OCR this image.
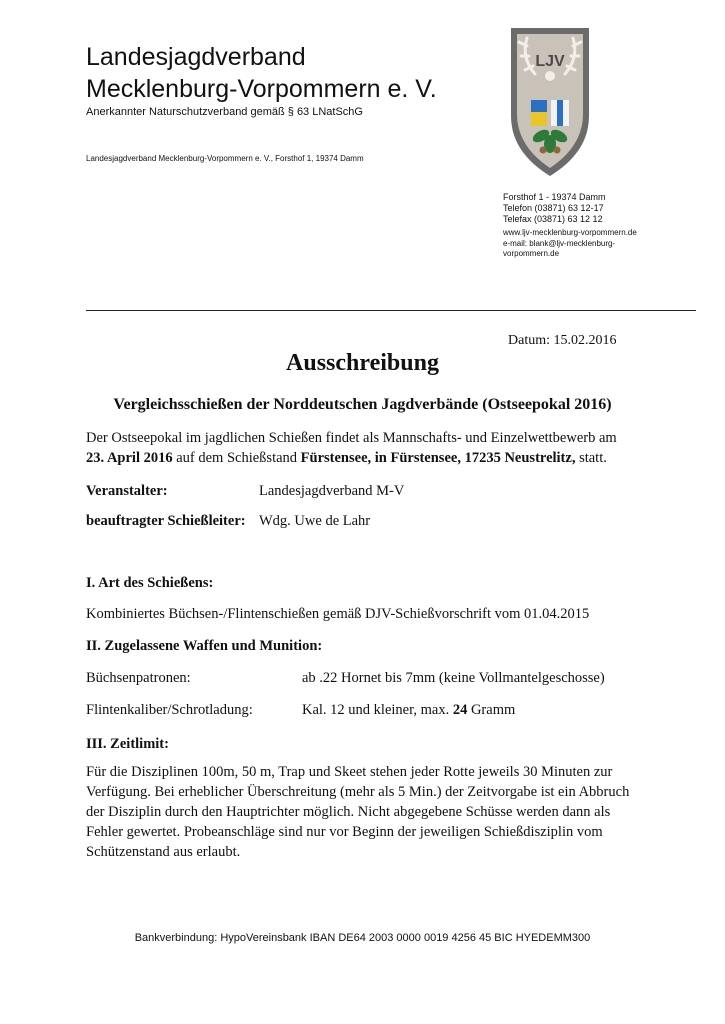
Landesjagdverband
Mecklenburg-Vorpommern e. V.
Anerkannter Naturschutzverband gemäß § 63 LNatSchG
Landesjagdverband Mecklenburg-Vorpommern e. V., Forsthof 1, 19374 Damm
LJV
Forsthof 1 - 19374 Damm
Telefon (03871) 63 12-17
Telefax (03871) 63 12 12
www.ljv-mecklenburg-vorpommern.de
e-mail: blank@ljv-mecklenburg-
vorpommern.de
Datum: 15.02.2016
Ausschreibung
Vergleichsschießen der Norddeutschen Jagdverbände (Ostseepokal 2016)
Der Ostseepokal im jagdlichen Schießen findet als Mannschafts- und Einzelwettbewerb am
23. April 2016 auf dem Schießstand Fürstensee, in Fürstensee, 17235 Neustrelitz, statt.
Veranstalter:	Landesjagdverband M-V
beauftragter Schießleiter: Wdg. Uwe de Lahr
I. Art des Schießens:
Kombiniertes Büchsen-/Flintenschießen gemäß DJV-Schießvorschrift vom 01.04.2015
II. Zugelassene Waffen und Munition:
Büchsenpatronen:	ab .22 Hornet bis 7mm (keine Vollmantelgeschosse)
Flintenkaliber/Schrotladung:	Kal. 12 und kleiner, max. 24 Gramm
III. Zeitlimit:
Für die Disziplinen 100m, 50 m, Trap und Skeet stehen jeder Rotte jeweils 30 Minuten zur
Verfügung. Bei erheblicher Überschreitung (mehr als 5 Min.) der Zeitvorgabe ist ein Abbruch
der Disziplin durch den Hauptrichter möglich. Nicht abgegebene Schüsse werden dann als
Fehler gewertet. Probeanschläge sind nur vor Beginn der jeweiligen Schießdisziplin vom
Schützenstand aus erlaubt.
Bankverbindung: HypoVereinsbank IBAN DE64 2003 0000 0019 4256 45 BIC HYEDEMM300
